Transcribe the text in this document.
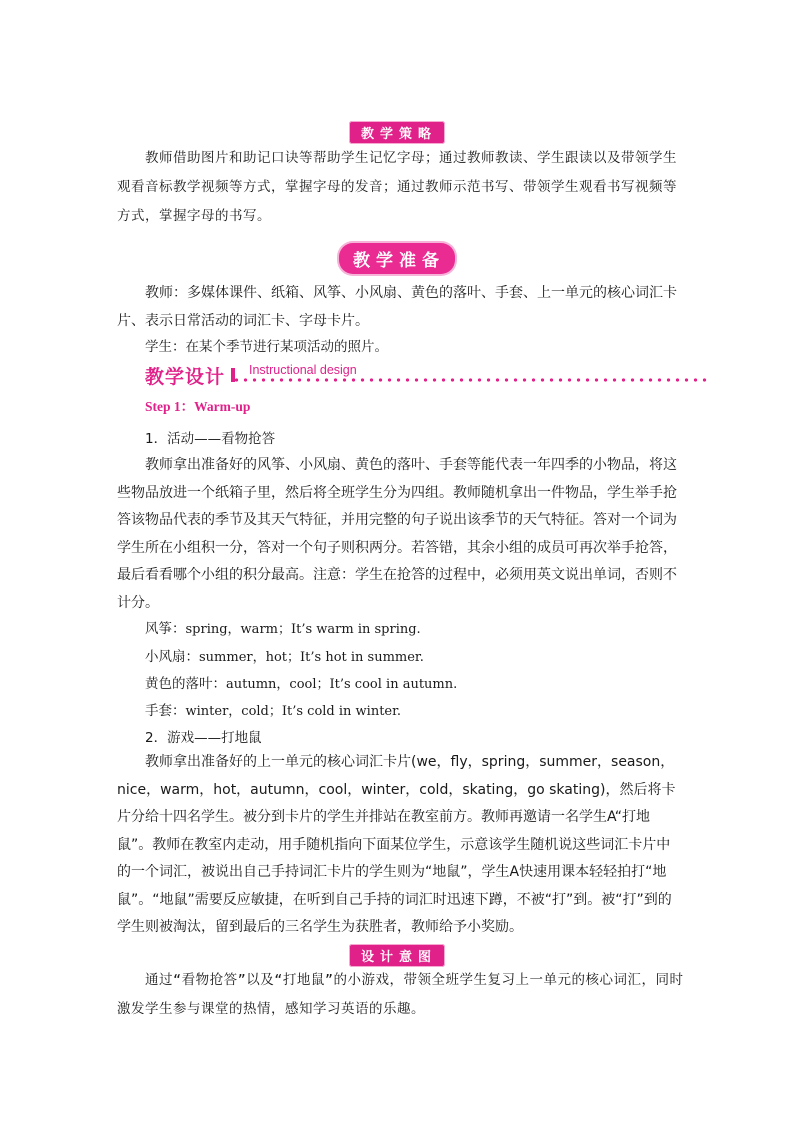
教学策略
教师借助图片和助记口诀等帮助学生记忆字母；通过教师教读、学生跟读以及带领学生观看音标教学视频等方式，掌握字母的发音；通过教师示范书写、带领学生观看书写视频等方式，掌握字母的书写。
教学准备
教师：多媒体课件、纸箱、风筝、小风扇、黄色的落叶、手套、上一单元的核心词汇卡片、表示日常活动的词汇卡、字母卡片。
学生：在某个季节进行某项活动的照片。
教学设计 Instructional design
Step 1：Warm-up
1．活动——看物抢答
教师拿出准备好的风筝、小风扇、黄色的落叶、手套等能代表一年四季的小物品，将这些物品放进一个纸箱子里，然后将全班学生分为四组。教师随机拿出一件物品，学生举手抢答该物品代表的季节及其天气特征，并用完整的句子说出该季节的天气特征。答对一个词为学生所在小组积一分，答对一个句子则积两分。若答错，其余小组的成员可再次举手抢答，最后看看哪个小组的积分最高。注意：学生在抢答的过程中，必须用英文说出单词，否则不计分。
风筝：spring，warm；It’s warm in spring.
小风扇：summer，hot；It’s hot in summer.
黄色的落叶：autumn，cool；It’s cool in autumn.
手套：winter，cold；It’s cold in winter.
2．游戏——打地鼠
教师拿出准备好的上一单元的核心词汇卡片(we，fly，spring，summer，season，nice，warm，hot，autumn，cool，winter，cold，skating，go skating)，然后将卡片分给十四名学生。被分到卡片的学生并排站在教室前方。教师再邀请一名学生A“打地鼠”。教师在教室内走动，用手随机指向下面某位学生，示意该学生随机说这些词汇卡片中的一个词汇，被说出自己手持词汇卡片的学生则为“地鼠”，学生A快速用课本轻轻拍打“地鼠”。“地鼠”需要反应敏捷，在听到自己手持的词汇时迅速下蹲，不被“打”到。被“打”到的学生则被淘汰，留到最后的三名学生为获胜者，教师给予小奖励。
设计意图
通过“看物抢答”以及“打地鼠”的小游戏，带领全班学生复习上一单元的核心词汇，同时激发学生参与课堂的热情，感知学习英语的乐趣。
